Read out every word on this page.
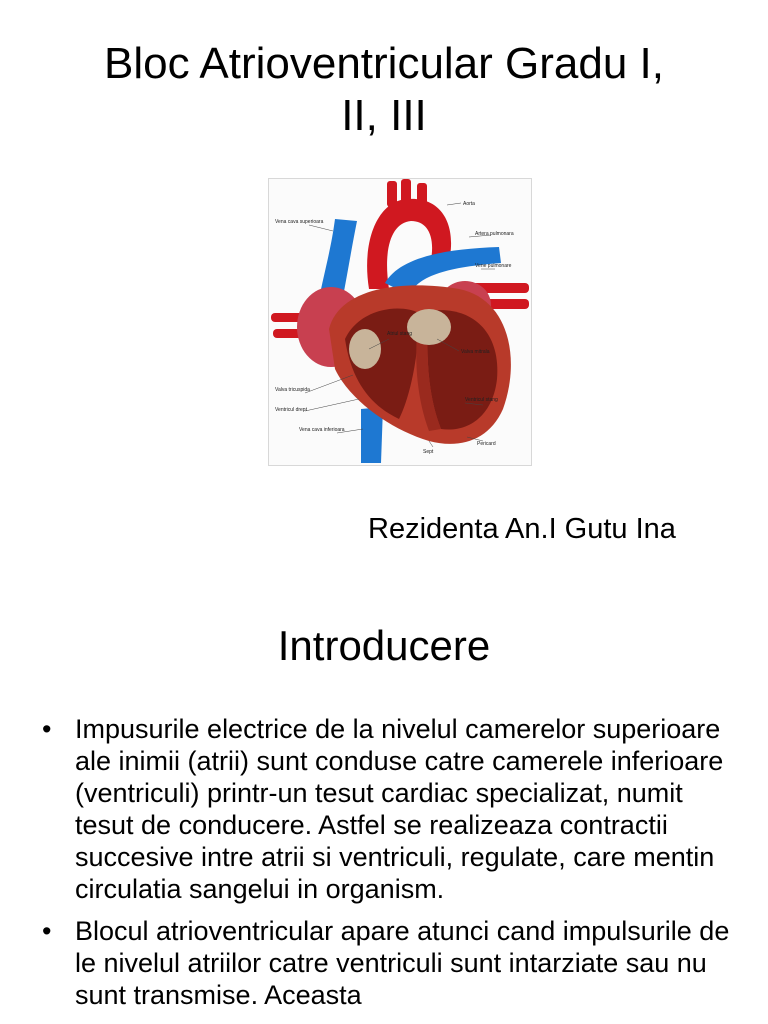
Bloc Atrioventricular Gradu I,
II, III
Vena cava superioara
Aorta
Artera pulmonara
Vene pulmonare
Atriul stang
Valva mitrala
Valva tricuspida
Ventricul drept
Ventricul stang
Vena cava inferioara
Sept
Pericard
Rezidenta An.I Gutu Ina
Introducere
• Impusurile electrice de la nivelul camerelor superioare ale inimii (atrii) sunt conduse catre camerele inferioare (ventriculi) printr-un tesut cardiac specializat, numit tesut de conducere. Astfel se realizeaza contractii succesive intre atrii si ventriculi, regulate, care mentin circulatia sangelui in organism.
• Blocul atrioventricular apare atunci cand impulsurile de le nivelul atriilor catre ventriculi sunt intarziate sau nu sunt transmise. Aceasta
